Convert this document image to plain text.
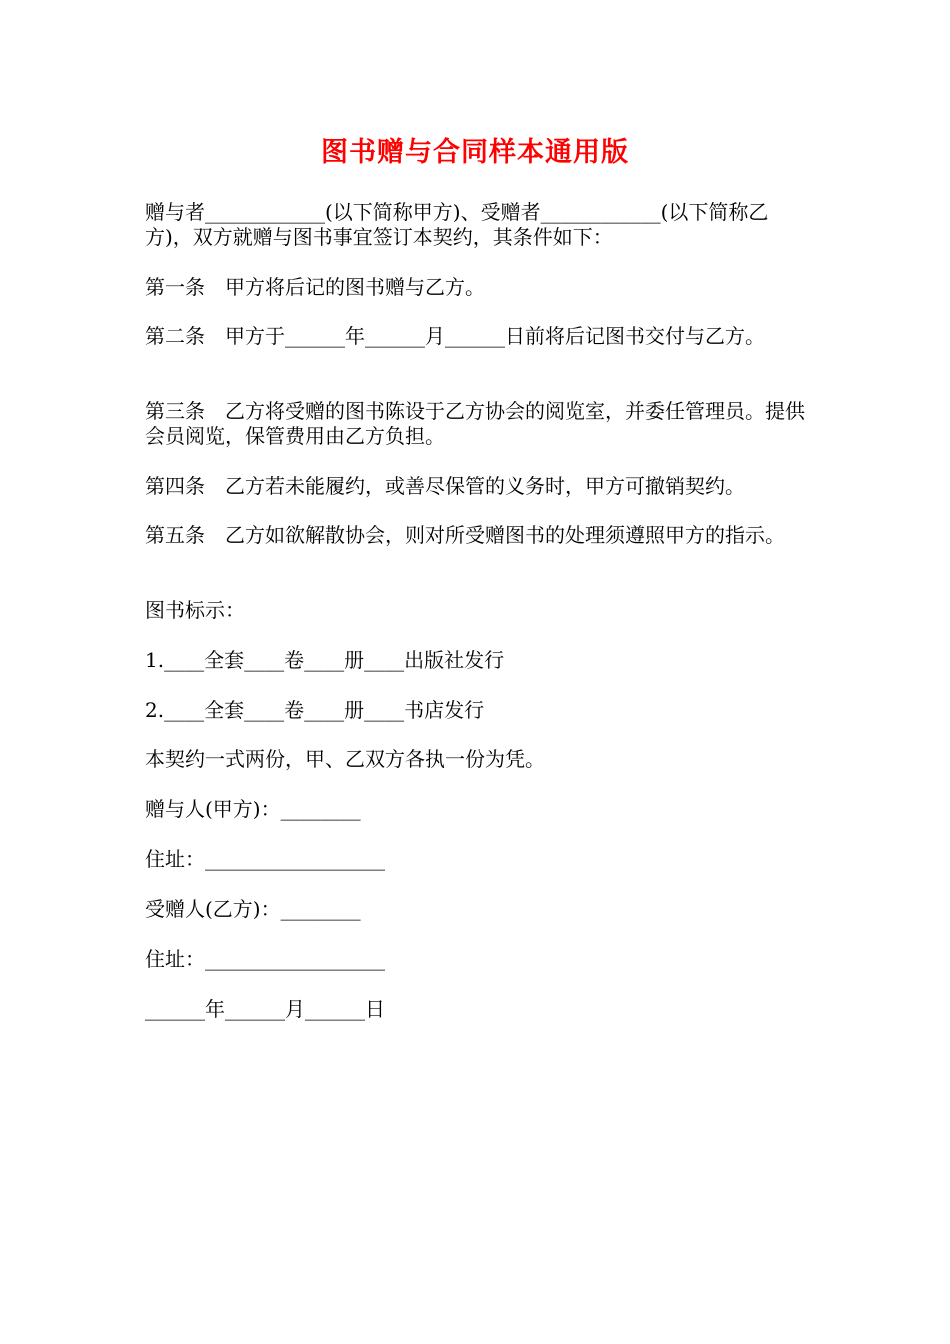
图书赠与合同样本通用版
赠与者____________(以下简称甲方)、受赠者____________(以下简称乙方)，双方就赠与图书事宜签订本契约，其条件如下：
第一条　甲方将后记的图书赠与乙方。
第二条　甲方于______年______月______日前将后记图书交付与乙方。
第三条　乙方将受赠的图书陈设于乙方协会的阅览室，并委任管理员。提供会员阅览，保管费用由乙方负担。
第四条　乙方若未能履约，或善尽保管的义务时，甲方可撤销契约。
第五条　乙方如欲解散协会，则对所受赠图书的处理须遵照甲方的指示。
图书标示：
1.____全套____卷____册____出版社发行
2.____全套____卷____册____书店发行
本契约一式两份，甲、乙双方各执一份为凭。
赠与人(甲方)：________
住址：__________________
受赠人(乙方)：________
住址：__________________
______年______月______日
